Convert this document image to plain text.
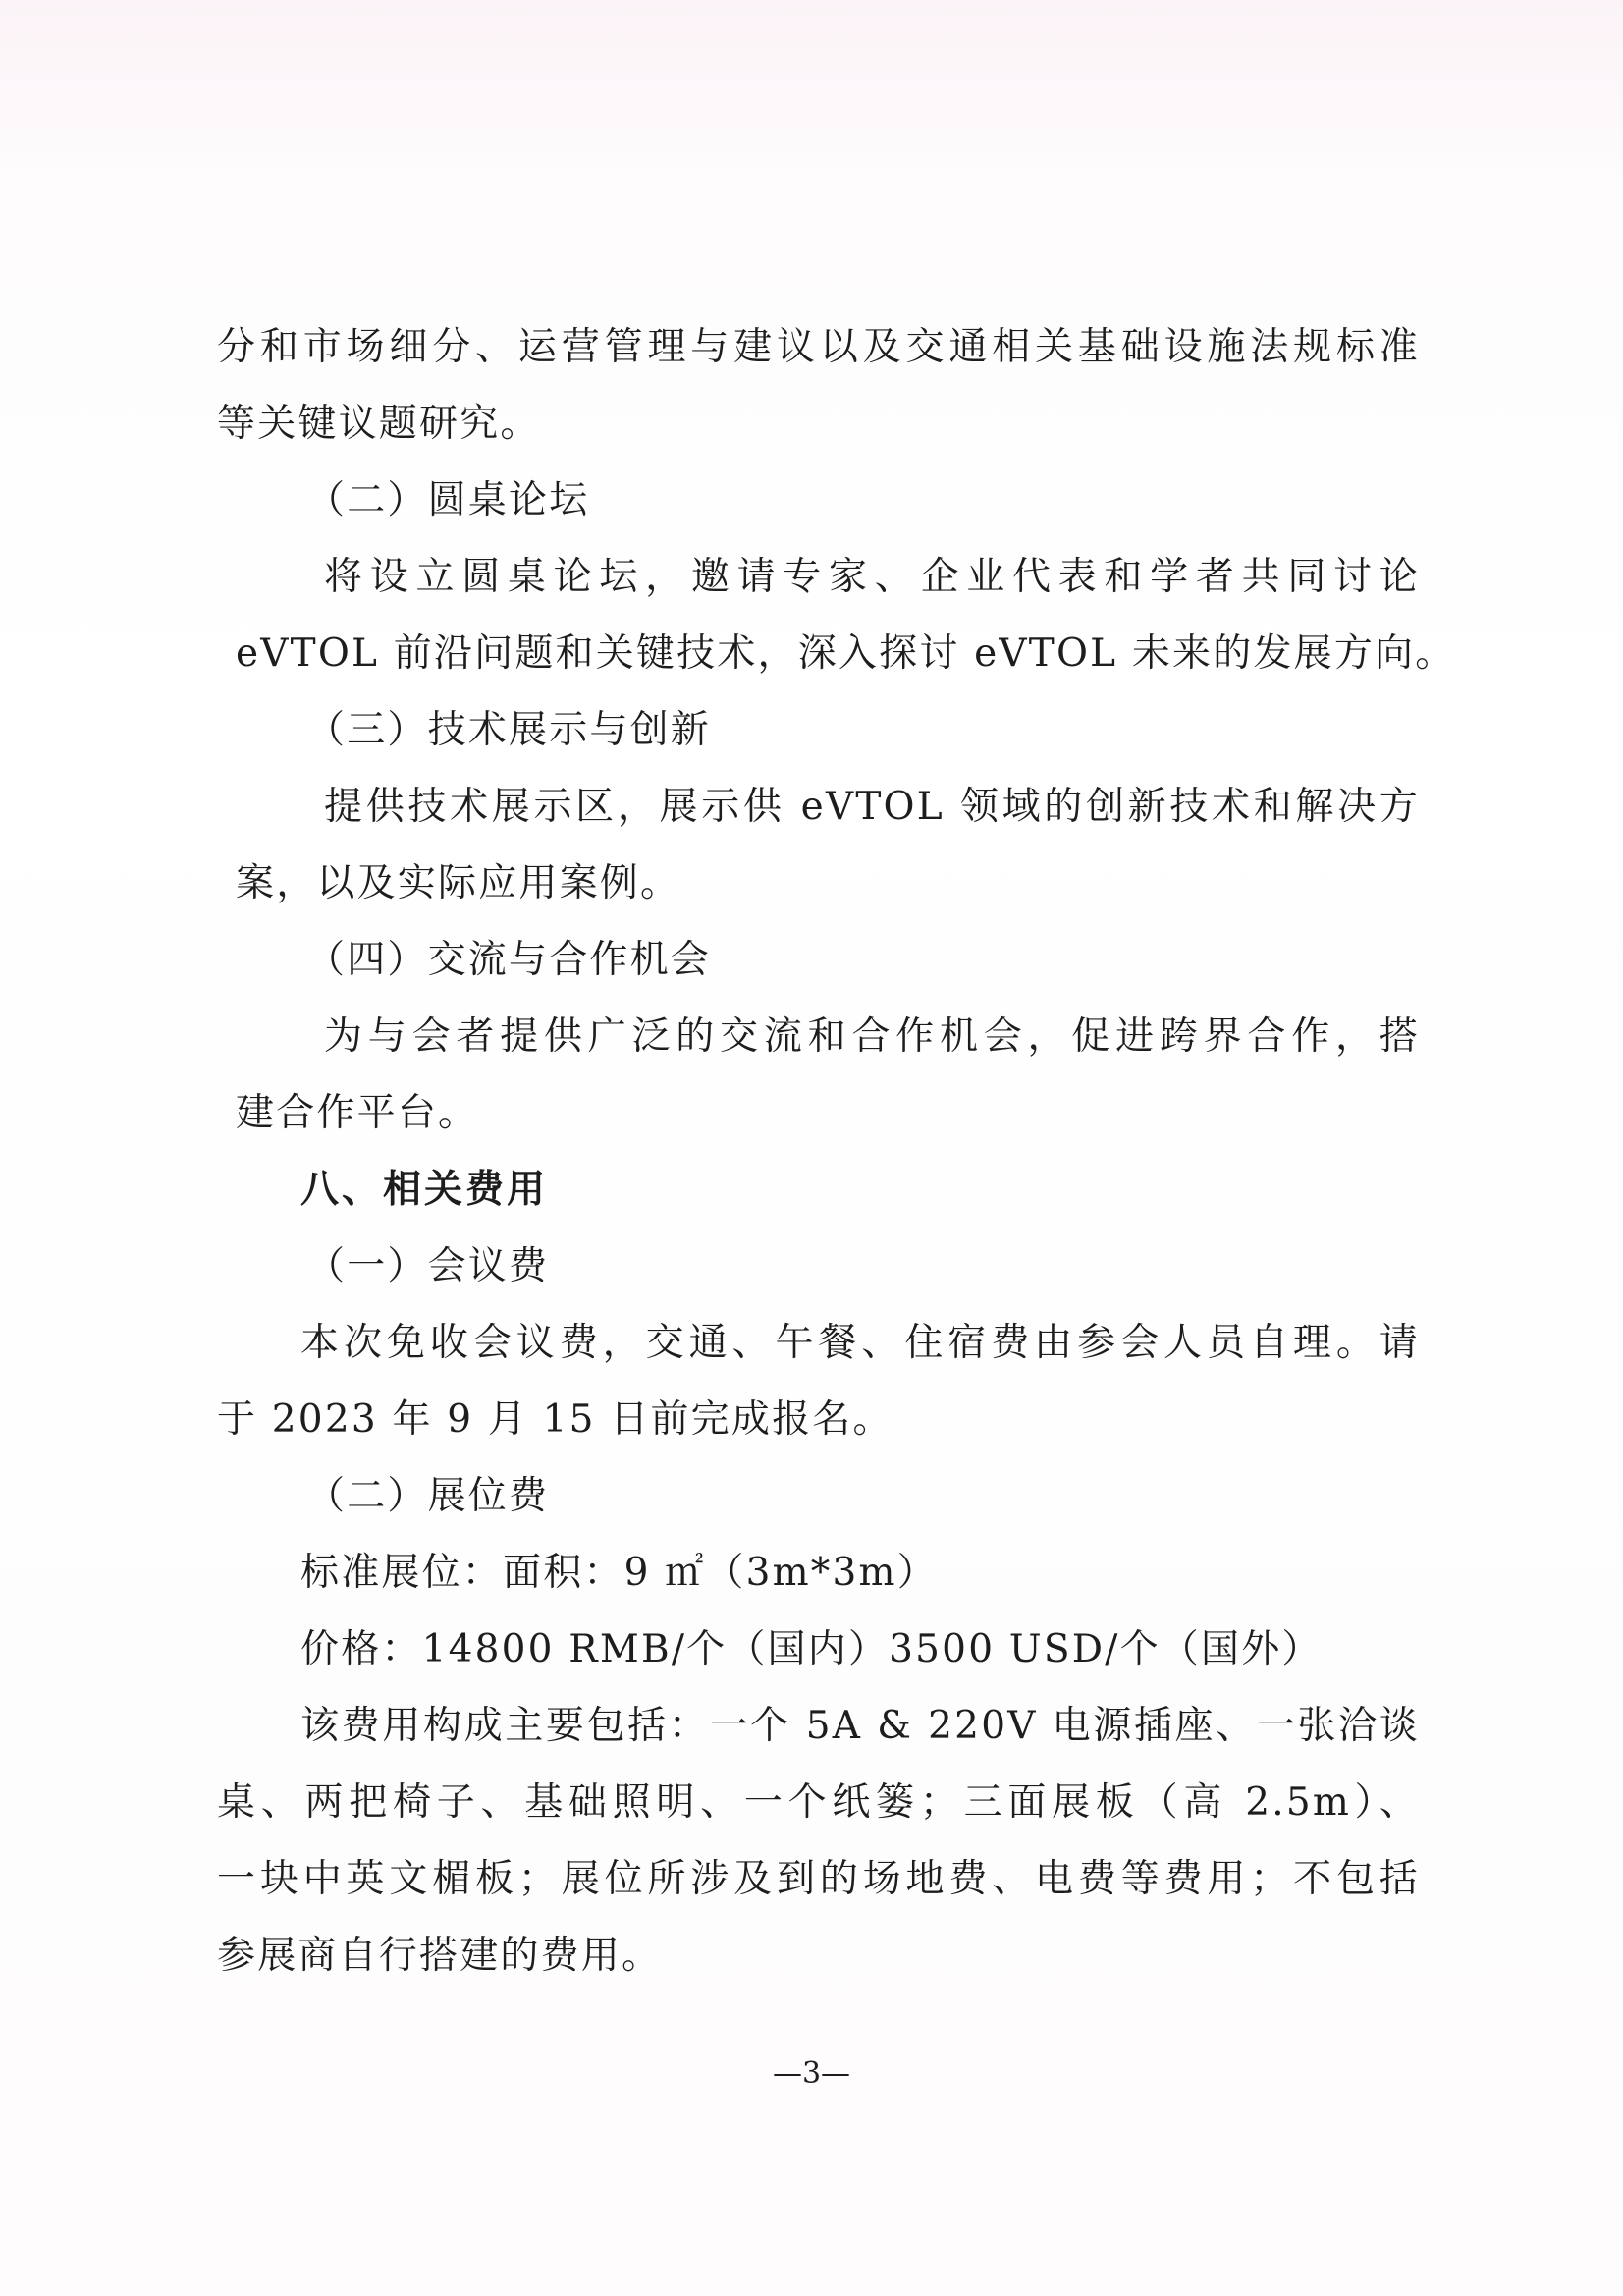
分和市场细分、运营管理与建议以及交通相关基础设施法规标准
等关键议题研究。
（二）圆桌论坛
将设立圆桌论坛，邀请专家、企业代表和学者共同讨论
eVTOL 前沿问题和关键技术，深入探讨 eVTOL 未来的发展方向。
（三）技术展示与创新
提供技术展示区，展示供 eVTOL 领域的创新技术和解决方
案，以及实际应用案例。
（四）交流与合作机会
为与会者提供广泛的交流和合作机会，促进跨界合作，搭
建合作平台。
八、相关费用
（一）会议费
本次免收会议费，交通、午餐、住宿费由参会人员自理。请
于 2023 年 9 月 15 日前完成报名。
（二）展位费
标准展位：面积：9 ㎡（3m*3m）
价格：14800 RMB/个（国内）3500 USD/个（国外）
该费用构成主要包括：一个 5A & 220V 电源插座、一张洽谈
桌、两把椅子、基础照明、一个纸篓；三面展板（高 2.5m）、
一块中英文楣板；展位所涉及到的场地费、电费等费用；不包括
参展商自行搭建的费用。
—3—
